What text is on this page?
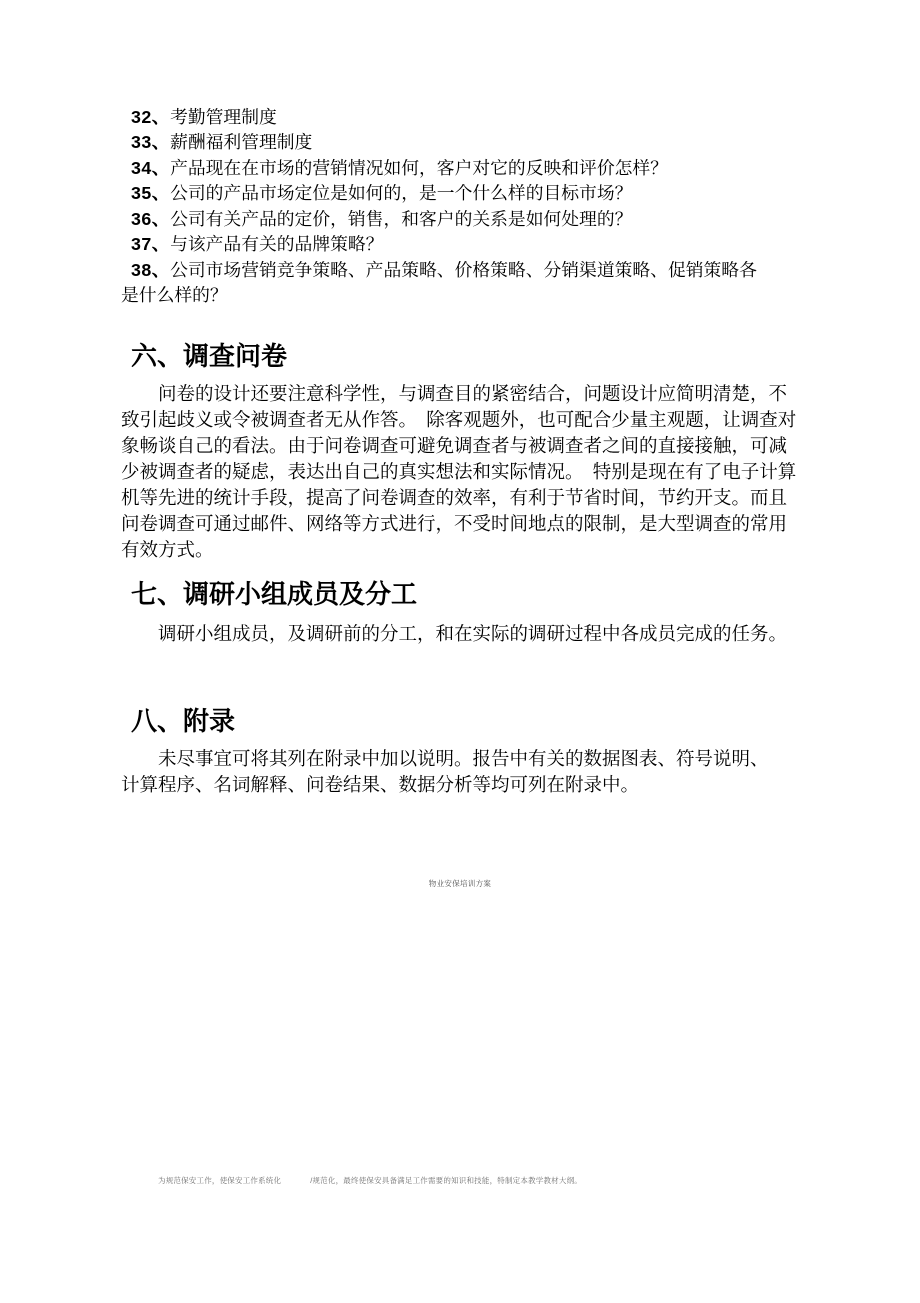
32、考勤管理制度
33、薪酬福利管理制度
34、产品现在在市场的营销情况如何，客户对它的反映和评价怎样？
35、公司的产品市场定位是如何的，是一个什么样的目标市场？
36、公司有关产品的定价，销售，和客户的关系是如何处理的？
37、与该产品有关的品牌策略？
38、公司市场营销竞争策略、产品策略、价格策略、分销渠道策略、促销策略各
是什么样的？
六、调查问卷

问卷的设计还要注意科学性，与调查目的紧密结合，问题设计应简明清楚，不致引起歧义或令被调查者无从作答。　除客观题外，也可配合少量主观题，让调查对象畅谈自己的看法。由于问卷调查可避免调查者与被调查者之间的直接接触，可减少被调查者的疑虑，表达出自己的真实想法和实际情况。　特别是现在有了电子计算机等先进的统计手段，提高了问卷调查的效率，有利于节省时间，节约开支。而且问卷调查可通过邮件、网络等方式进行，不受时间地点的限制，是大型调查的常用有效方式。

七、调研小组成员及分工

调研小组成员，及调研前的分工，和在实际的调研过程中各成员完成的任务。

八、附录

未尽事宜可将其列在附录中加以说明。报告中有关的数据图表、符号说明、计算程序、名词解释、问卷结果、数据分析等均可列在附录中。

物业安保培训方案
为规范保安工作，使保安工作系统化	/规范化，最终使保安具备满足工作需要的知识和技能，特制定本教学教材大纲。
